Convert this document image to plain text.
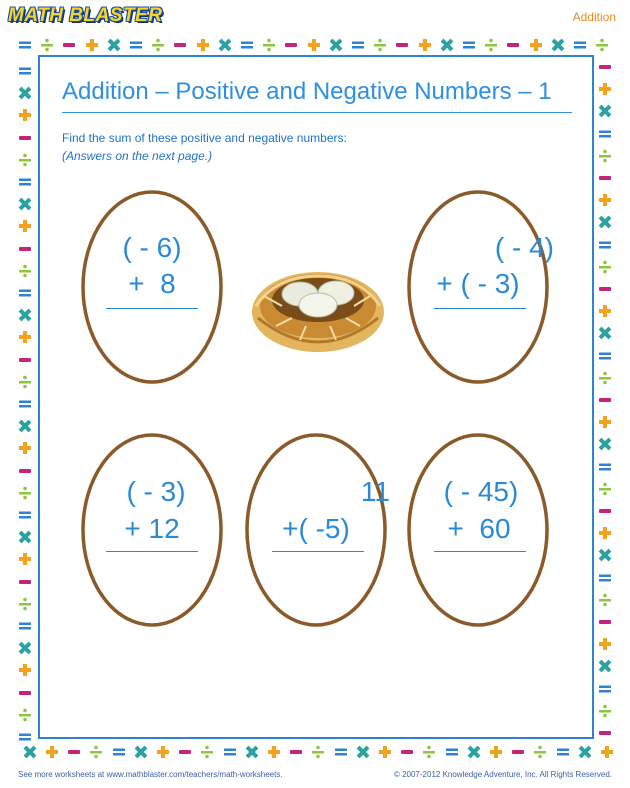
MATH BLASTER	Addition
Addition – Positive and Negative Numbers – 1
Find the sum of these positive and negative numbers:
(Answers on the next page.)
( - 6)
+  8
( - 4)
+ ( - 3)
( - 3)
+ 12
11
+( -5)
( - 45)
+  60
See more worksheets at www.mathblaster.com/teachers/math-worksheets.	© 2007-2012 Knowledge Adventure, Inc. All Rights Reserved.
